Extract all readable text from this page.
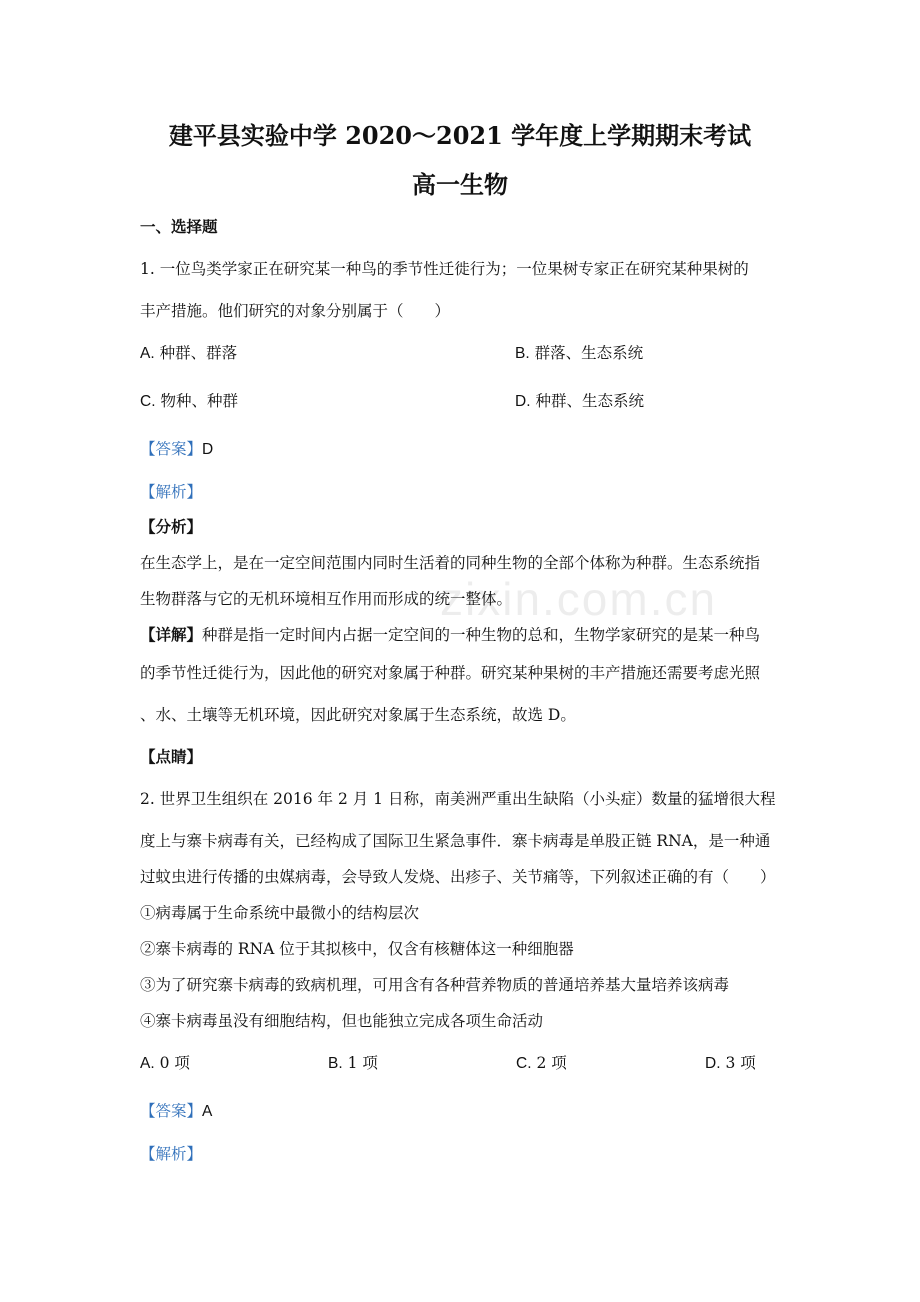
zixin.com.cn
建平县实验中学 2020～2021 学年度上学期期末考试
高一生物
一、选择题
1. 一位鸟类学家正在研究某一种鸟的季节性迁徙行为；一位果树专家正在研究某种果树的
丰产措施。他们研究的对象分别属于（　　）
A. 种群、群落	B. 群落、生态系统
C. 物种、种群	D. 种群、生态系统
【答案】D
【解析】
【分析】
在生态学上，是在一定空间范围内同时生活着的同种生物的全部个体称为种群。生态系统指
生物群落与它的无机环境相互作用而形成的统一整体。
【详解】种群是指一定时间内占据一定空间的一种生物的总和，生物学家研究的是某一种鸟
的季节性迁徙行为，因此他的研究对象属于种群。研究某种果树的丰产措施还需要考虑光照
、水、土壤等无机环境，因此研究对象属于生态系统，故选 D。
【点睛】
2. 世界卫生组织在 2016 年 2 月 1 日称，南美洲严重出生缺陷（小头症）数量的猛增很大程
度上与寨卡病毒有关，已经构成了国际卫生紧急事件．寨卡病毒是单股正链 RNA，是一种通
过蚊虫进行传播的虫媒病毒，会导致人发烧、出疹子、关节痛等，下列叙述正确的有（　　）
①病毒属于生命系统中最微小的结构层次
②寨卡病毒的 RNA 位于其拟核中，仅含有核糖体这一种细胞器
③为了研究寨卡病毒的致病机理，可用含有各种营养物质的普通培养基大量培养该病毒
④寨卡病毒虽没有细胞结构，但也能独立完成各项生命活动
A. 0 项	B. 1 项	C. 2 项	D. 3 项
【答案】A
【解析】
